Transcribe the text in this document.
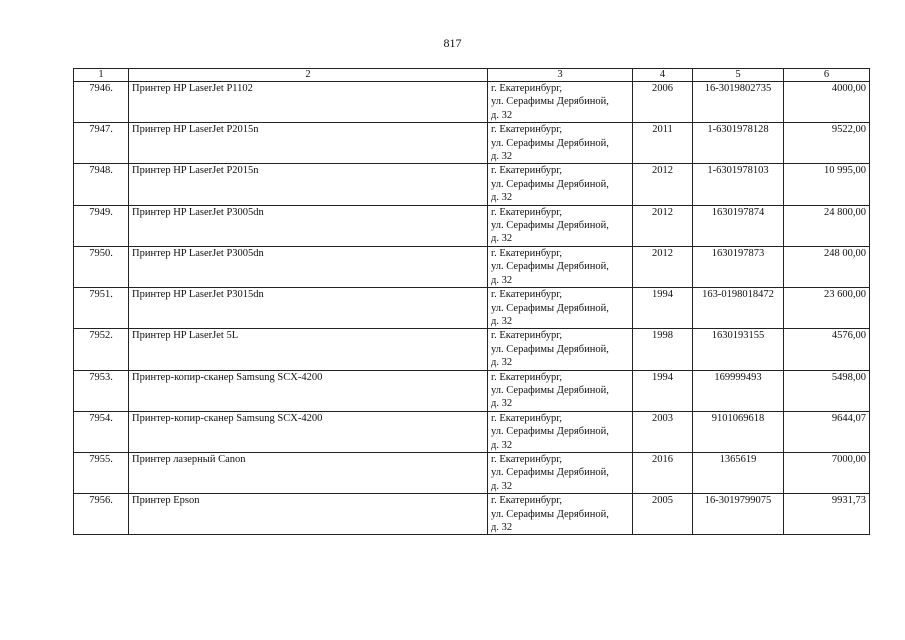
817
1	2	3	4	5	6
7946.	Принтер HP LaserJet P1102	г. Екатеринбург,
ул. Серафимы Дерябиной,
д. 32	2006	16-3019802735	4000,00
7947.	Принтер HP LaserJet P2015n	г. Екатеринбург,
ул. Серафимы Дерябиной,
д. 32	2011	1-6301978128	9522,00
7948.	Принтер HP LaserJet P2015n	г. Екатеринбург,
ул. Серафимы Дерябиной,
д. 32	2012	1-6301978103	10 995,00
7949.	Принтер HP LaserJet P3005dn	г. Екатеринбург,
ул. Серафимы Дерябиной,
д. 32	2012	1630197874	24 800,00
7950.	Принтер HP LaserJet P3005dn	г. Екатеринбург,
ул. Серафимы Дерябиной,
д. 32	2012	1630197873	248 00,00
7951.	Принтер HP LaserJet P3015dn	г. Екатеринбург,
ул. Серафимы Дерябиной,
д. 32	1994	163-0198018472	23 600,00
7952.	Принтер HP LaserJet 5L	г. Екатеринбург,
ул. Серафимы Дерябиной,
д. 32	1998	1630193155	4576,00
7953.	Принтер-копир-сканер Samsung SCX-4200	г. Екатеринбург,
ул. Серафимы Дерябиной,
д. 32	1994	169999493	5498,00
7954.	Принтер-копир-сканер Samsung SCX-4200	г. Екатеринбург,
ул. Серафимы Дерябиной,
д. 32	2003	9101069618	9644,07
7955.	Принтер лазерный Canon	г. Екатеринбург,
ул. Серафимы Дерябиной,
д. 32	2016	1365619	7000,00
7956.	Принтер Epson	г. Екатеринбург,
ул. Серафимы Дерябиной,
д. 32	2005	16-3019799075	9931,73
